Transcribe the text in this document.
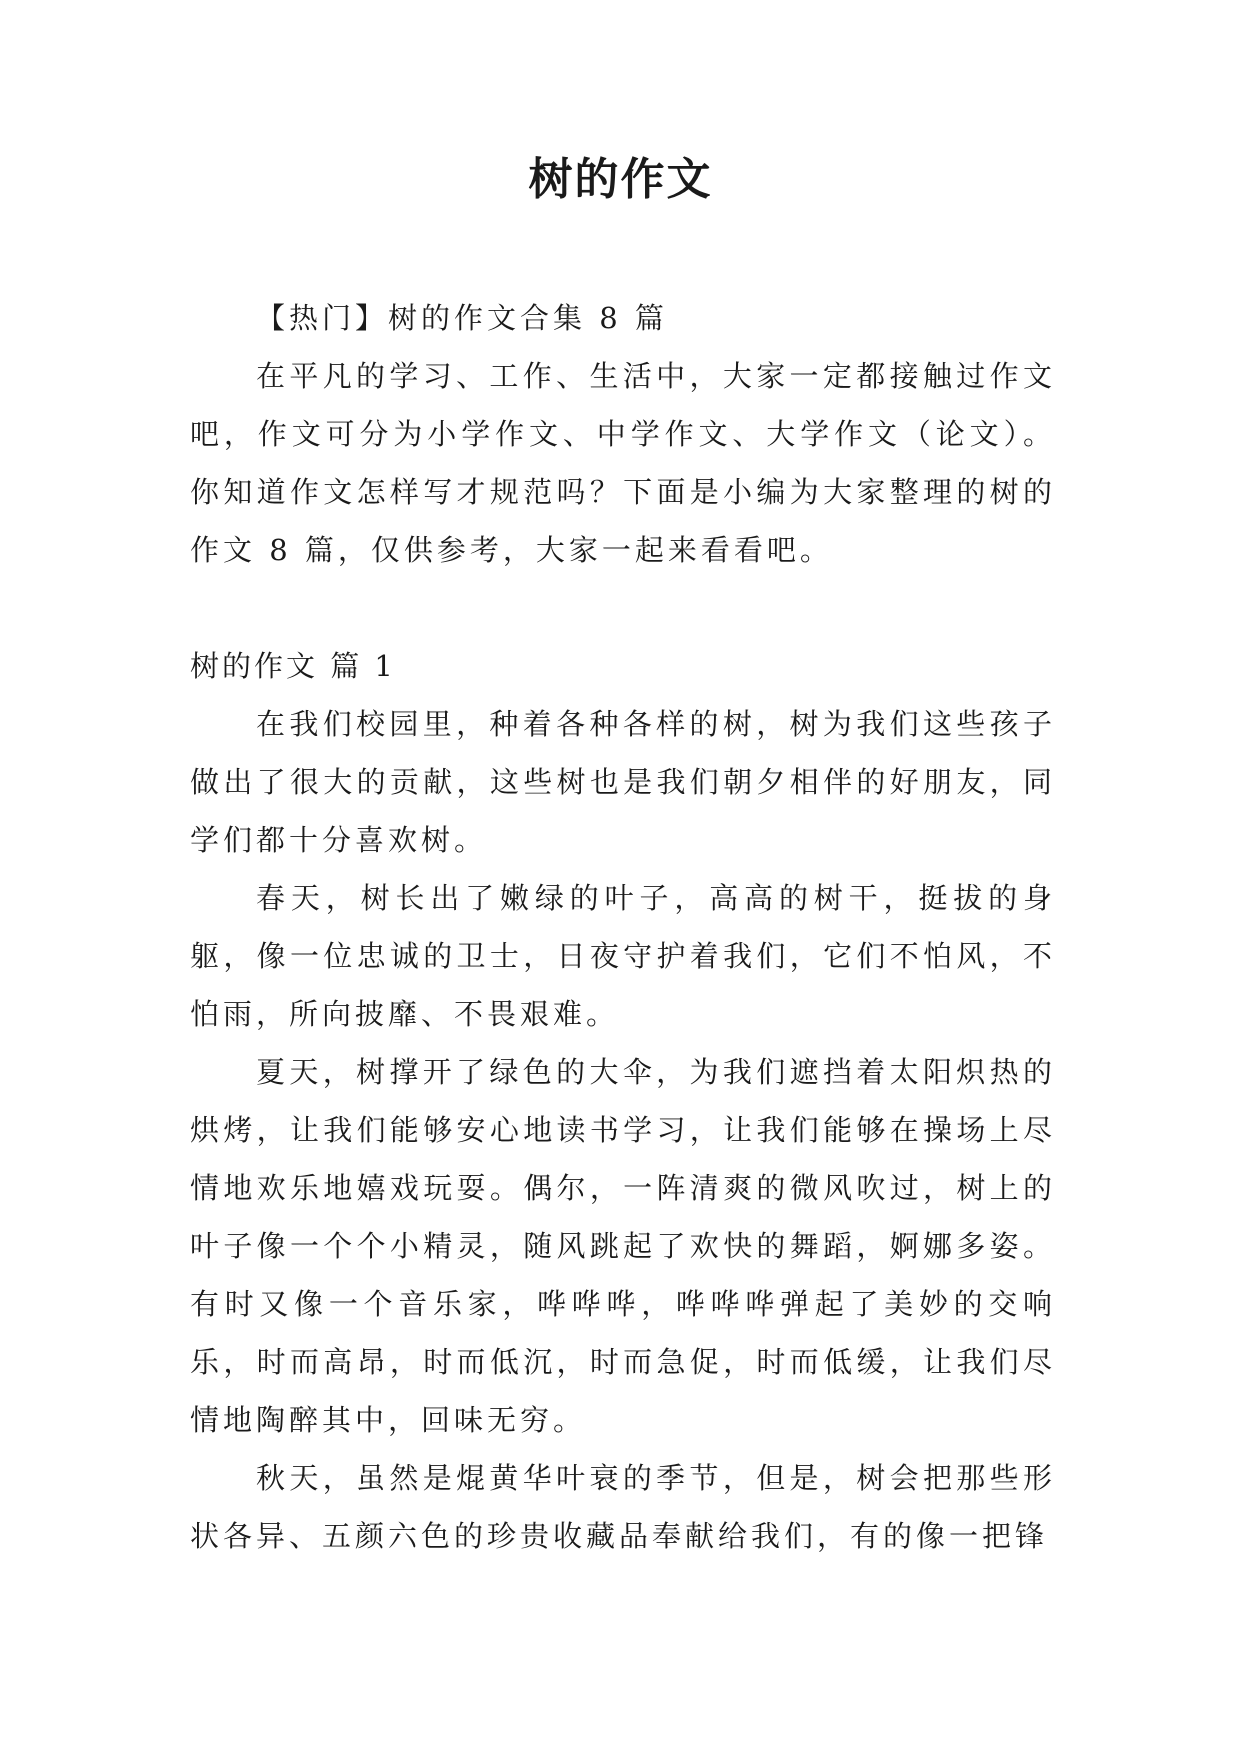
树的作文

【热门】树的作文合集 8 篇

在平凡的学习、工作、生活中，大家一定都接触过作文吧，作文可分为小学作文、中学作文、大学作文（论文）。你知道作文怎样写才规范吗？下面是小编为大家整理的树的作文 8 篇，仅供参考，大家一起来看看吧。

树的作文 篇 1

在我们校园里，种着各种各样的树，树为我们这些孩子做出了很大的贡献，这些树也是我们朝夕相伴的好朋友，同学们都十分喜欢树。

春天，树长出了嫩绿的叶子，高高的树干，挺拔的身躯，像一位忠诚的卫士，日夜守护着我们，它们不怕风，不怕雨，所向披靡、不畏艰难。

夏天，树撑开了绿色的大伞，为我们遮挡着太阳炽热的烘烤，让我们能够安心地读书学习，让我们能够在操场上尽情地欢乐地嬉戏玩耍。偶尔，一阵清爽的微风吹过，树上的叶子像一个个小精灵，随风跳起了欢快的舞蹈，婀娜多姿。有时又像一个音乐家，哗哗哗，哗哗哗弹起了美妙的交响乐，时而高昂，时而低沉，时而急促，时而低缓，让我们尽情地陶醉其中，回味无穷。

秋天，虽然是焜黄华叶衰的季节，但是，树会把那些形状各异、五颜六色的珍贵收藏品奉献给我们，有的像一把锋
